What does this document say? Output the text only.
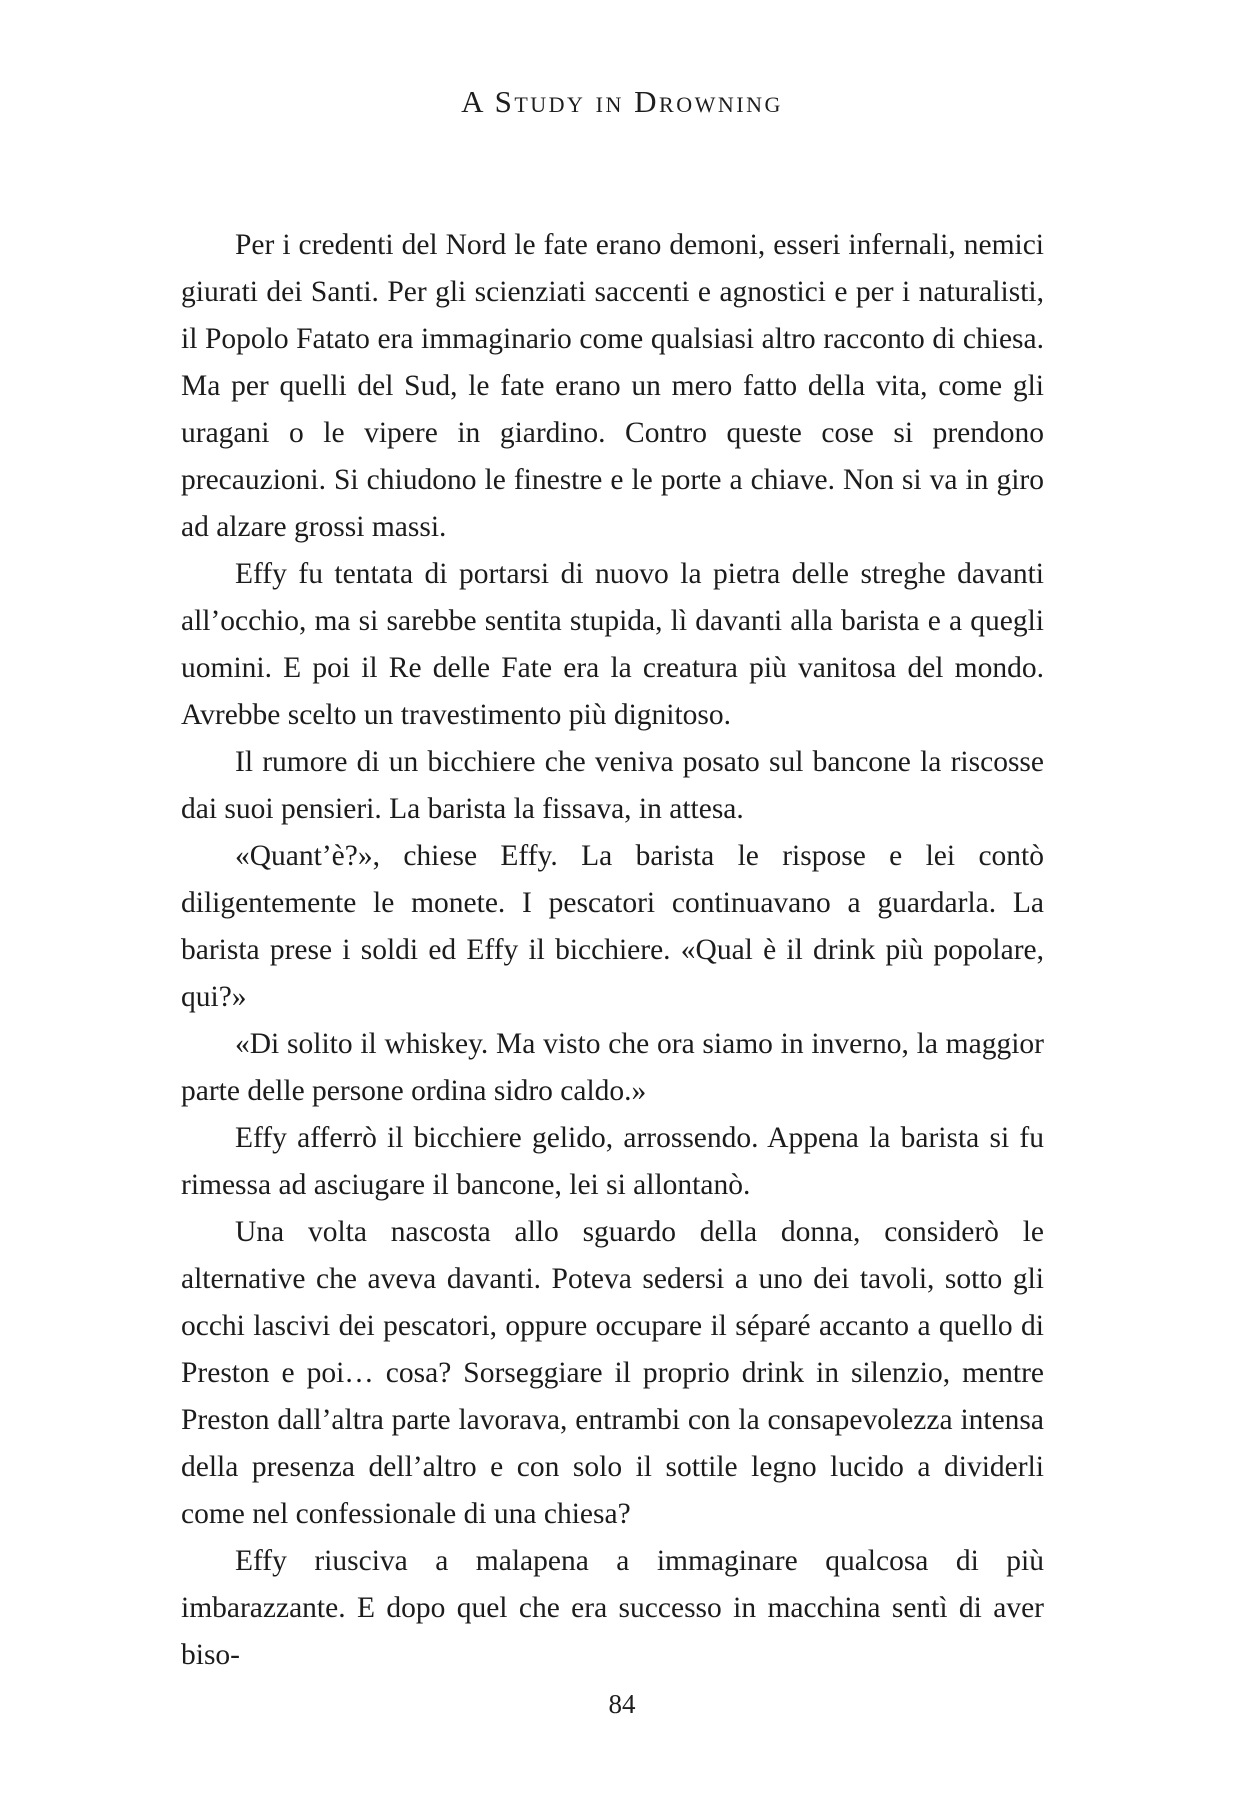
A Study in Drowning

Per i credenti del Nord le fate erano demoni, esseri infernali, nemici giurati dei Santi. Per gli scienziati saccenti e agnostici e per i naturalisti, il Popolo Fatato era immaginario come qualsiasi altro racconto di chiesa. Ma per quelli del Sud, le fate erano un mero fatto della vita, come gli uragani o le vipere in giardino. Contro queste cose si prendono precauzioni. Si chiudono le finestre e le porte a chiave. Non si va in giro ad alzare grossi massi.

Effy fu tentata di portarsi di nuovo la pietra delle streghe davanti all’occhio, ma si sarebbe sentita stupida, lì davanti alla barista e a quegli uomini. E poi il Re delle Fate era la creatura più vanitosa del mondo. Avrebbe scelto un travestimento più dignitoso.

Il rumore di un bicchiere che veniva posato sul bancone la riscosse dai suoi pensieri. La barista la fissava, in attesa.

«Quant’è?», chiese Effy. La barista le rispose e lei contò diligentemente le monete. I pescatori continuavano a guardarla. La barista prese i soldi ed Effy il bicchiere. «Qual è il drink più popolare, qui?»

«Di solito il whiskey. Ma visto che ora siamo in inverno, la maggior parte delle persone ordina sidro caldo.»

Effy afferrò il bicchiere gelido, arrossendo. Appena la barista si fu rimessa ad asciugare il bancone, lei si allontanò.

Una volta nascosta allo sguardo della donna, considerò le alternative che aveva davanti. Poteva sedersi a uno dei tavoli, sotto gli occhi lascivi dei pescatori, oppure occupare il séparé accanto a quello di Preston e poi… cosa? Sorseggiare il proprio drink in silenzio, mentre Preston dall’altra parte lavorava, entrambi con la consapevolezza intensa della presenza dell’altro e con solo il sottile legno lucido a dividerli come nel confessionale di una chiesa?

Effy riusciva a malapena a immaginare qualcosa di più imbarazzante. E dopo quel che era successo in macchina sentì di aver biso-

84
